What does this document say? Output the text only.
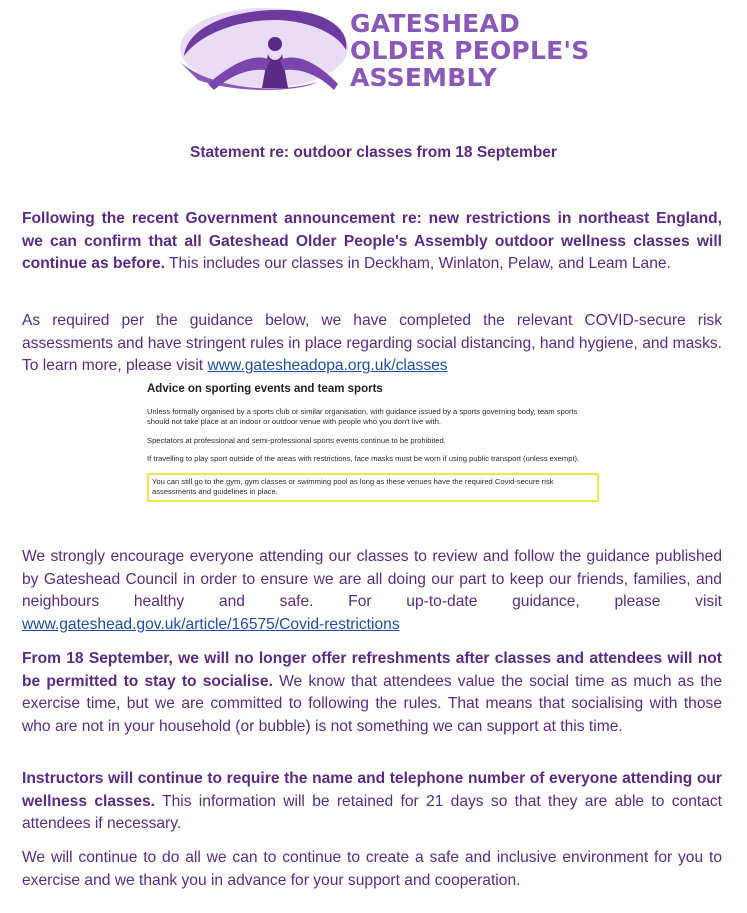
GATESHEAD
OLDER PEOPLE'S
ASSEMBLY
Statement re: outdoor classes from 18 September
Following the recent Government announcement re: new restrictions in northeast England, we can confirm that all Gateshead Older People's Assembly outdoor wellness classes will continue as before. This includes our classes in Deckham, Winlaton, Pelaw, and Leam Lane.
As required per the guidance below, we have completed the relevant COVID-secure risk assessments and have stringent rules in place regarding social distancing, hand hygiene, and masks. To learn more, please visit www.gatesheadopa.org.uk/classes
Advice on sporting events and team sports

Unless formally organised by a sports club or similar organisation, with guidance issued by a sports governing body, team sports should not take place at an indoor or outdoor venue with people who you don't live with.

Spectators at professional and semi-professional sports events continue to be prohibited.

If travelling to play sport outside of the areas with restrictions, face masks must be worn if using public transport (unless exempt).

You can still go to the gym, gym classes or swimming pool as long as these venues have the required Covid-secure risk assessments and guidelines in place.

We strongly encourage everyone attending our classes to review and follow the guidance published by Gateshead Council in order to ensure we are all doing our part to keep our friends, families, and neighbours healthy and safe. For up-to-date guidance, please visit www.gateshead.gov.uk/article/16575/Covid-restrictions
From 18 September, we will no longer offer refreshments after classes and attendees will not be permitted to stay to socialise. We know that attendees value the social time as much as the exercise time, but we are committed to following the rules. That means that socialising with those who are not in your household (or bubble) is not something we can support at this time.
Instructors will continue to require the name and telephone number of everyone attending our wellness classes. This information will be retained for 21 days so that they are able to contact attendees if necessary.
We will continue to do all we can to continue to create a safe and inclusive environment for you to exercise and we thank you in advance for your support and cooperation.
